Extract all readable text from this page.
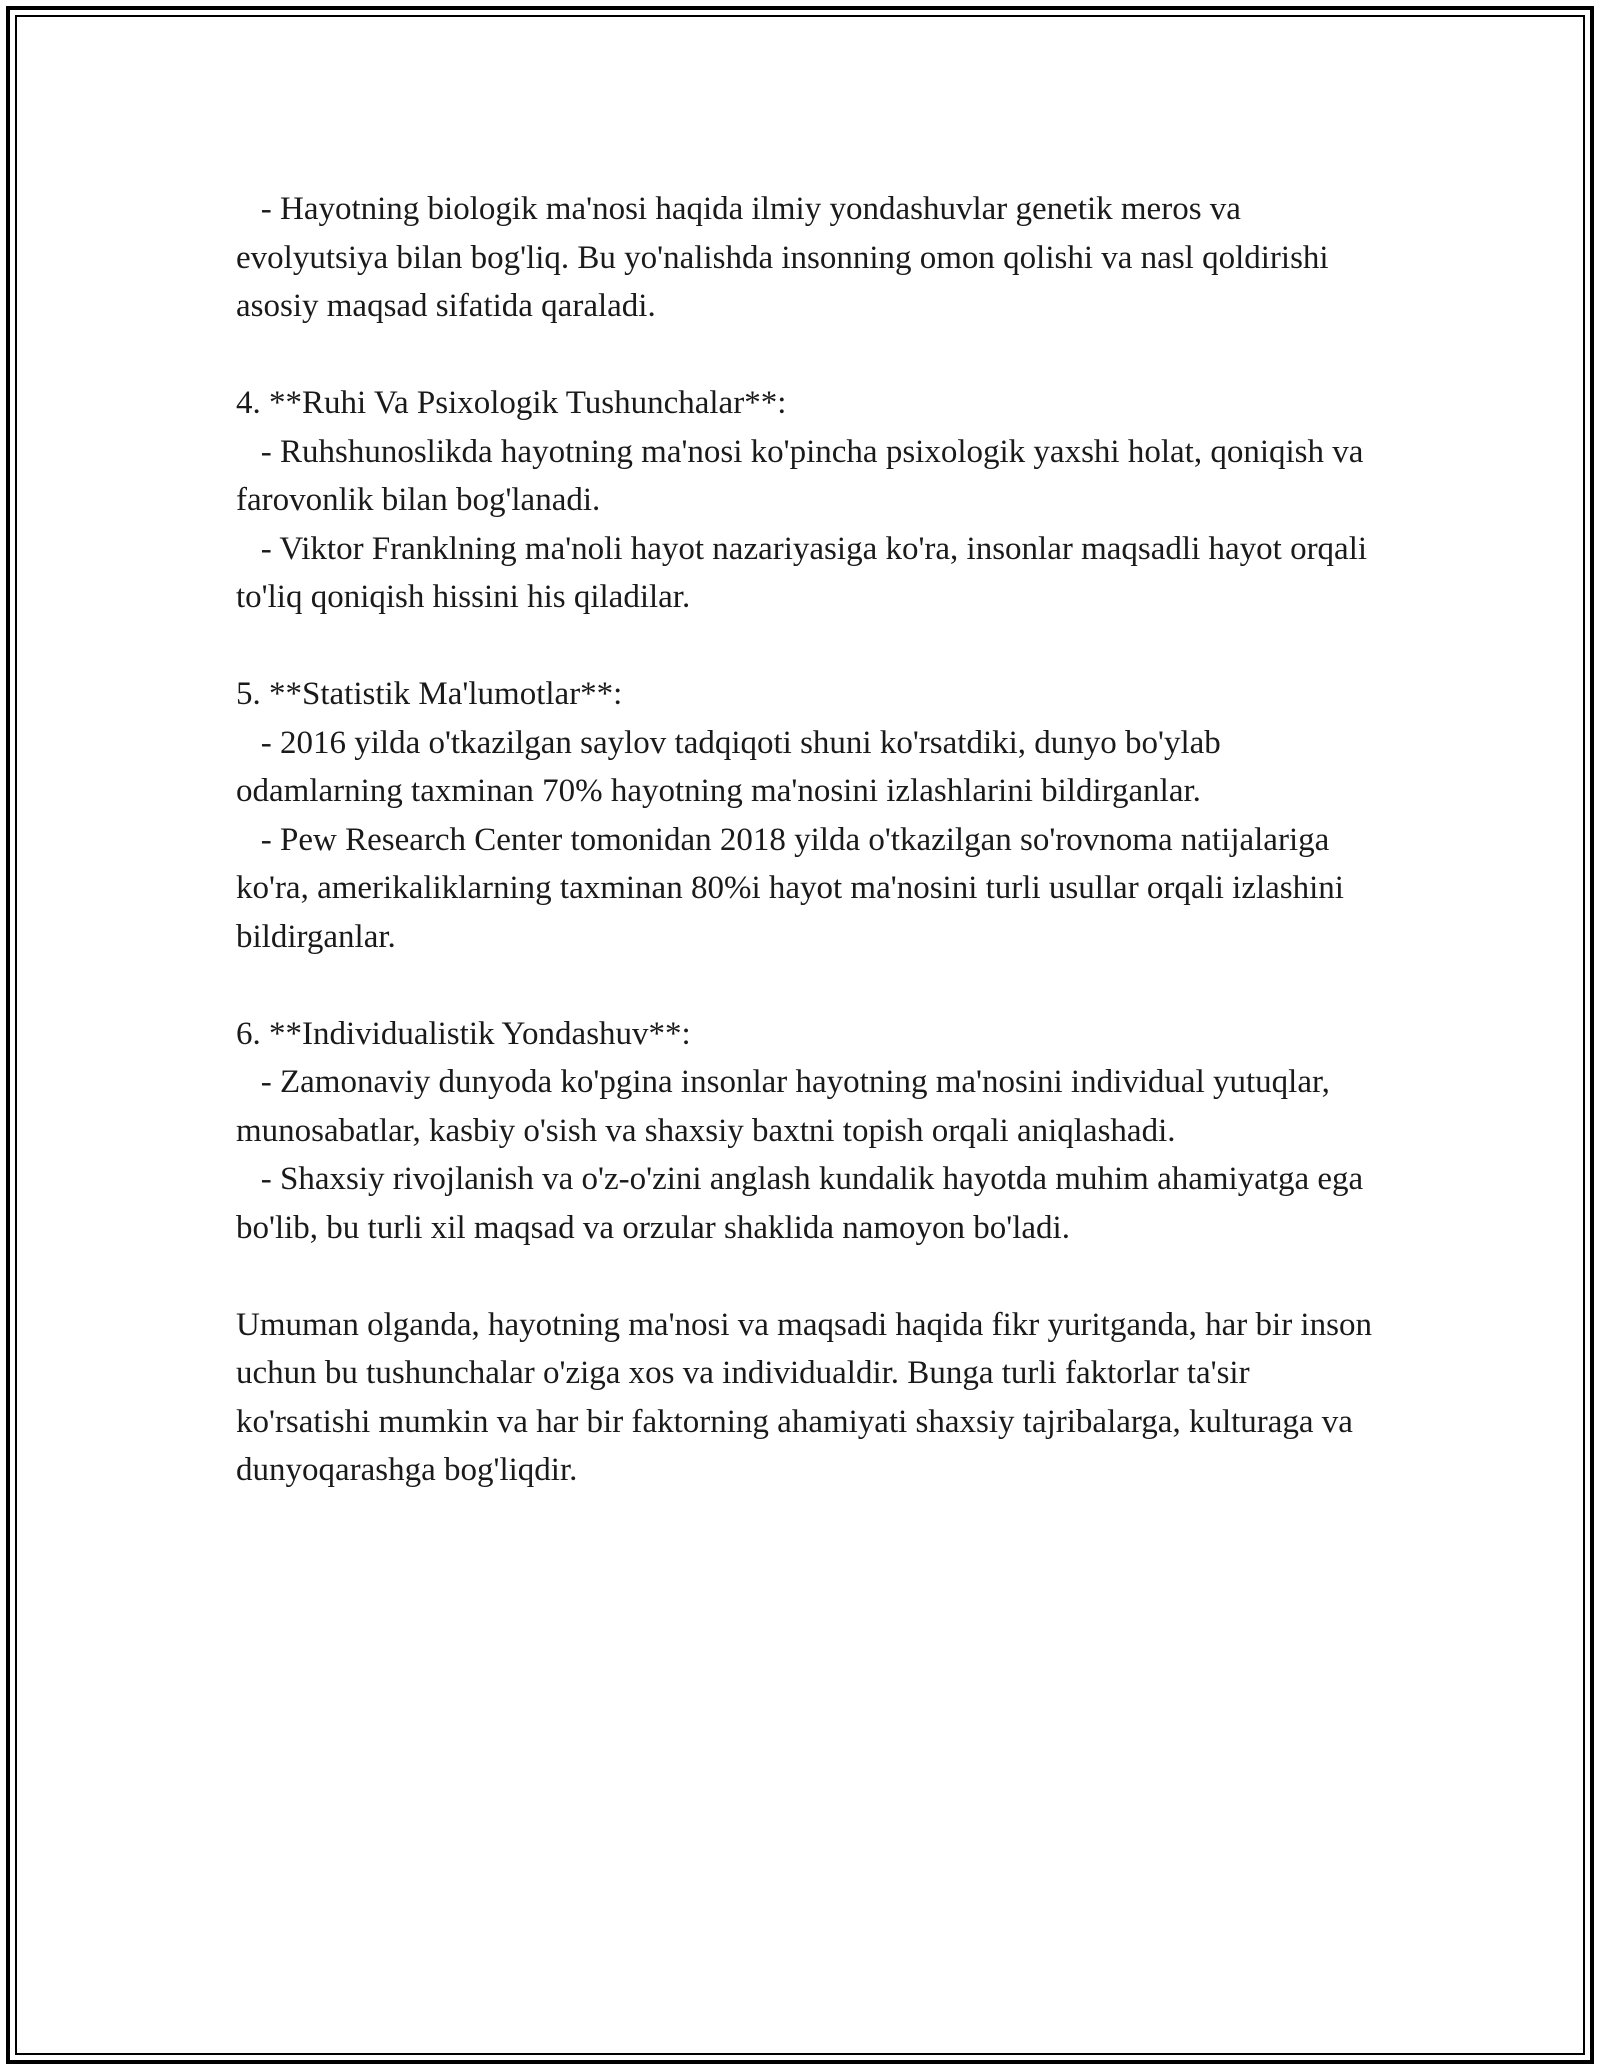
- Hayotning biologik ma'nosi haqida ilmiy yondashuvlar genetik meros va evolyutsiya bilan bog'liq. Bu yo'nalishda insonning omon qolishi va nasl qoldirishi asosiy maqsad sifatida qaraladi.

4. **Ruhi Va Psixologik Tushunchalar**:

- Ruhshunoslikda hayotning ma'nosi ko'pincha psixologik yaxshi holat, qoniqish va farovonlik bilan bog'lanadi.

- Viktor Franklning ma'noli hayot nazariyasiga ko'ra, insonlar maqsadli hayot orqali to'liq qoniqish hissini his qiladilar.

5. **Statistik Ma'lumotlar**:

- 2016 yilda o'tkazilgan saylov tadqiqoti shuni ko'rsatdiki, dunyo bo'ylab odamlarning taxminan 70% hayotning ma'nosini izlashlarini bildirganlar.

- Pew Research Center tomonidan 2018 yilda o'tkazilgan so'rovnoma natijalariga ko'ra, amerikaliklarning taxminan 80%i hayot ma'nosini turli usullar orqali izlashini bildirganlar.

6. **Individualistik Yondashuv**:

- Zamonaviy dunyoda ko'pgina insonlar hayotning ma'nosini individual yutuqlar, munosabatlar, kasbiy o'sish va shaxsiy baxtni topish orqali aniqlashadi.

- Shaxsiy rivojlanish va o'z-o'zini anglash kundalik hayotda muhim ahamiyatga ega bo'lib, bu turli xil maqsad va orzular shaklida namoyon bo'ladi.

Umuman olganda, hayotning ma'nosi va maqsadi haqida fikr yuritganda, har bir inson uchun bu tushunchalar o'ziga xos va individualdir. Bunga turli faktorlar ta'sir ko'rsatishi mumkin va har bir faktorning ahamiyati shaxsiy tajribalarga, kulturaga va dunyoqarashga bog'liqdir.
